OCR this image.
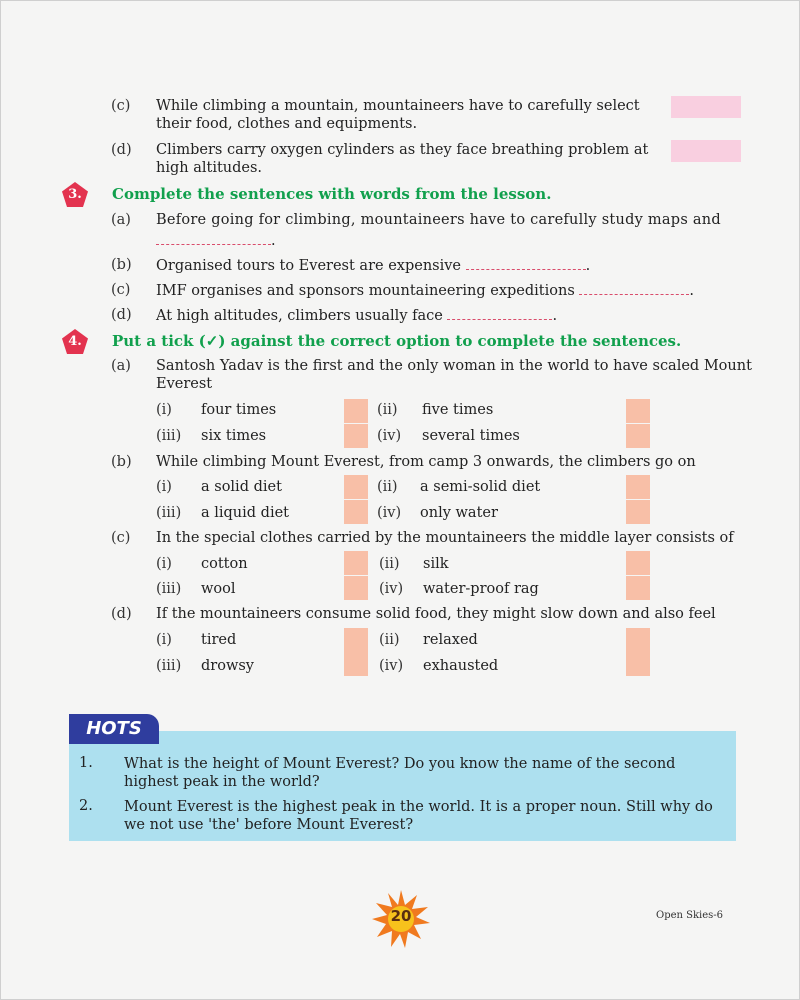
(c)	While climbing a mountain, mountaineers have to carefully select
their food, clothes and equipments.
(d)	Climbers carry oxygen cylinders as they face breathing problem at
high altitudes.
3.	Complete the sentences with words from the lesson.
(a)	Before going for climbing, mountaineers have to carefully study maps and
.
(b)	Organised tours to Everest are expensive	.
(c)	IMF organises and sponsors mountaineering expeditions	.
(d)	At high altitudes, climbers usually face	.
4.	Put a tick (✓) against the correct option to complete the sentences.
(a)	Santosh Yadav is the first and the only woman in the world to have scaled Mount
Everest
(i) four times	(ii) five times
(iii) six times	(iv) several times
(b)	While climbing Mount Everest, from camp 3 onwards, the climbers go on
(i) a solid diet	(ii) a semi-solid diet
(iii) a liquid diet	(iv) only water
(c)	In the special clothes carried by the mountaineers the middle layer consists of
(i) cotton	(ii) silk
(iii) wool	(iv) water-proof rag
(d)	If the mountaineers consume solid food, they might slow down and also feel
(i) tired	(ii) relaxed
(iii) drowsy	(iv) exhausted
HOTS
1. What is the height of Mount Everest? Do you know the name of the second highest peak in the world?
2. Mount Everest is the highest peak in the world. It is a proper noun. Still why do we not use 'the' before Mount Everest?
20	Open Skies-6
